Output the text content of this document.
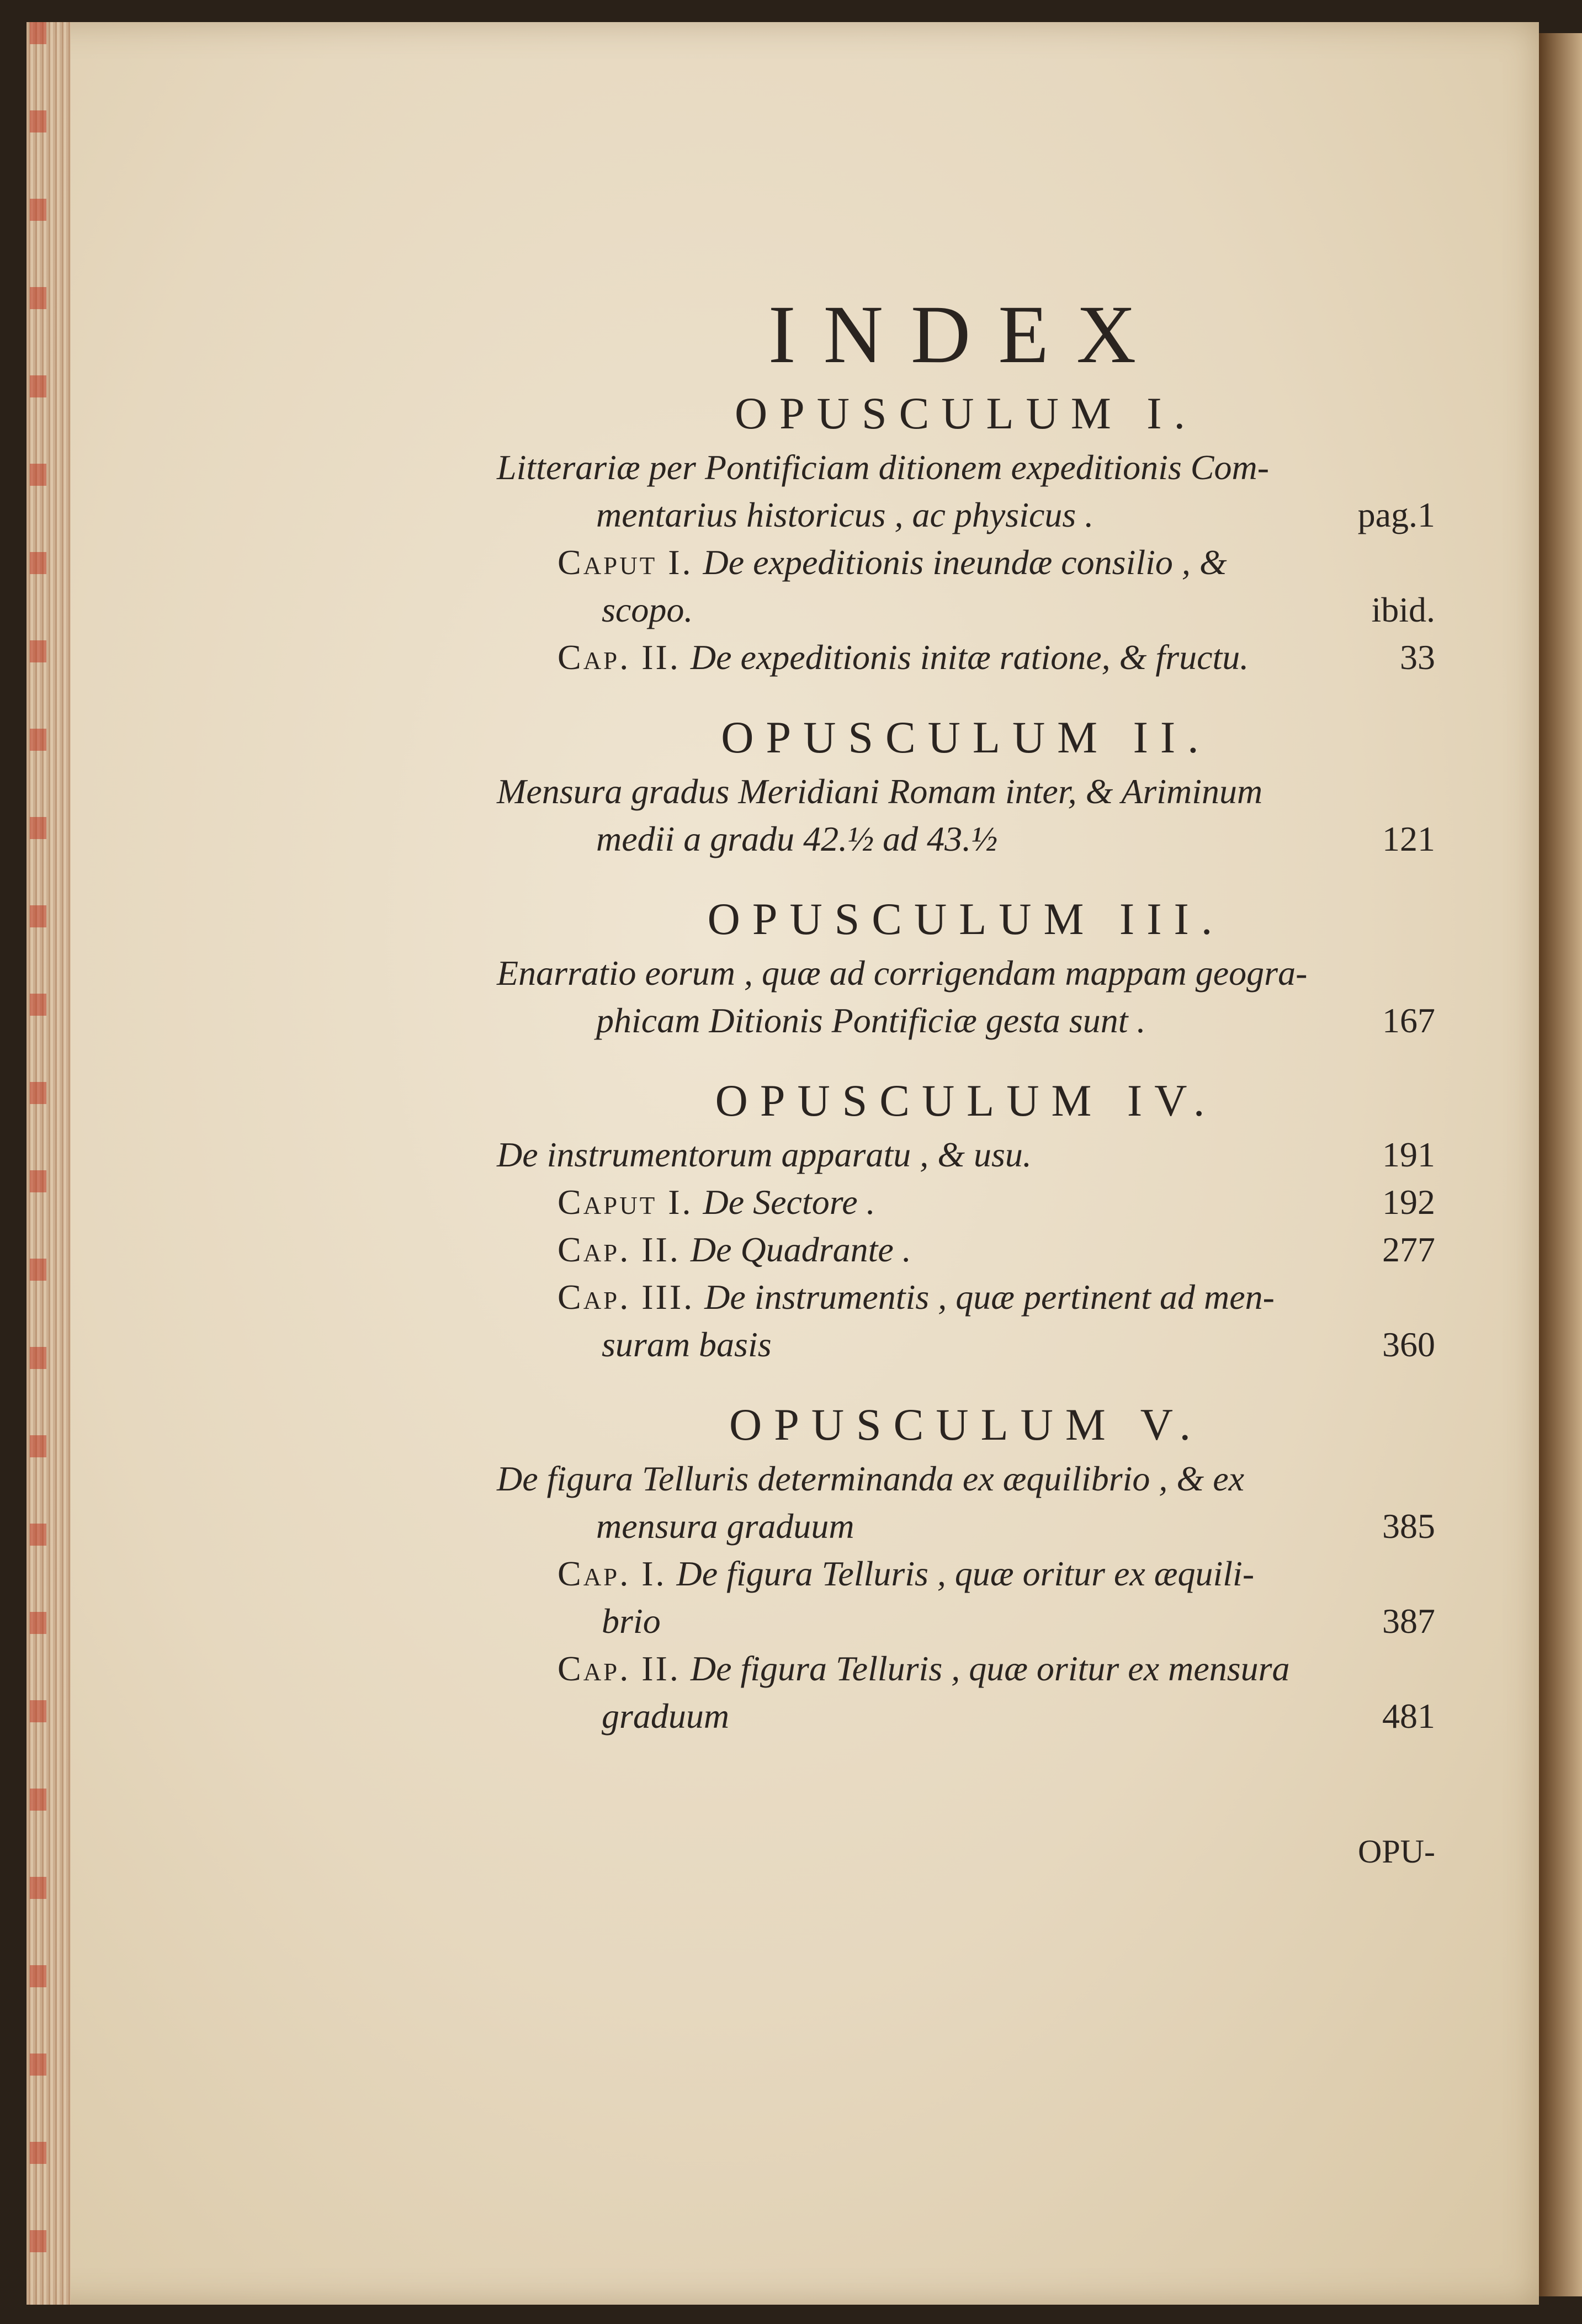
INDEX
OPUSCULUM I.
Litterariæ per Pontificiam ditionem expeditionis Com-
mentarius historicus , ac physicus .	pag.1
Caput I. De expeditionis ineundæ consilio , &
scopo.	ibid.
Cap. II. De expeditionis initæ ratione, & fructu.	33
OPUSCULUM II.
Mensura gradus Meridiani Romam inter, & Ariminum
medii a gradu 42.½ ad 43.½	121
OPUSCULUM III.
Enarratio eorum , quæ ad corrigendam mappam geogra-
phicam Ditionis Pontificiæ gesta sunt .	167
OPUSCULUM IV.
De instrumentorum apparatu , & usu.	191
Caput I. De Sectore .	192
Cap. II. De Quadrante .	277
Cap. III. De instrumentis , quæ pertinent ad men-
suram basis	360
OPUSCULUM V.
De figura Telluris determinanda ex æquilibrio , & ex
mensura graduum	385
Cap. I. De figura Telluris , quæ oritur ex æquili-
brio	387
Cap. II. De figura Telluris , quæ oritur ex mensura
graduum	481
OPU-
